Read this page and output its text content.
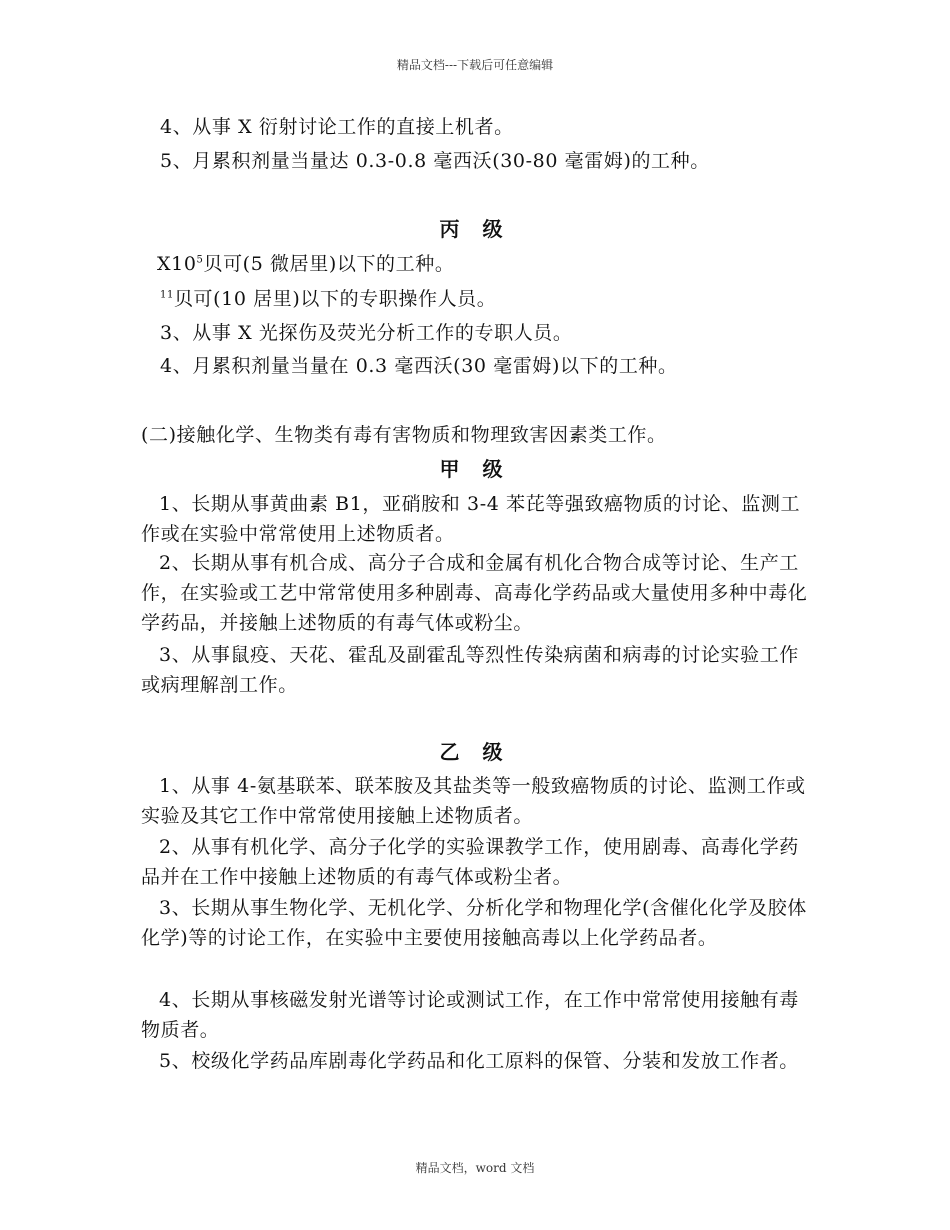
精品文档---下载后可任意编辑
4、从事 X 衍射讨论工作的直接上机者。
5、月累积剂量当量达 0.3-0.8 毫西沃(30-80 毫雷姆)的工种。
丙 级
$X10^5$贝可(5 微居里)以下的工种。
$^{11}$贝可(10 居里)以下的专职操作人员。
3、从事 X 光探伤及荧光分析工作的专职人员。
4、月累积剂量当量在 0.3 毫西沃(30 毫雷姆)以下的工种。
(二)接触化学、生物类有毒有害物质和物理致害因素类工作。
甲 级
1、长期从事黄曲素 B1，亚硝胺和 3-4 苯芘等强致癌物质的讨论、监测工作或在实验中常常使用上述物质者。
2、长期从事有机合成、高分子合成和金属有机化合物合成等讨论、生产工作，在实验或工艺中常常使用多种剧毒、高毒化学药品或大量使用多种中毒化学药品，并接触上述物质的有毒气体或粉尘。
3、从事鼠疫、天花、霍乱及副霍乱等烈性传染病菌和病毒的讨论实验工作或病理解剖工作。
乙 级
1、从事 4-氨基联苯、联苯胺及其盐类等一般致癌物质的讨论、监测工作或实验及其它工作中常常使用接触上述物质者。
2、从事有机化学、高分子化学的实验课教学工作，使用剧毒、高毒化学药品并在工作中接触上述物质的有毒气体或粉尘者。
3、长期从事生物化学、无机化学、分析化学和物理化学(含催化化学及胶体化学)等的讨论工作，在实验中主要使用接触高毒以上化学药品者。
4、长期从事核磁发射光谱等讨论或测试工作，在工作中常常使用接触有毒物质者。
5、校级化学药品库剧毒化学药品和化工原料的保管、分装和发放工作者。
精品文档，word 文档
